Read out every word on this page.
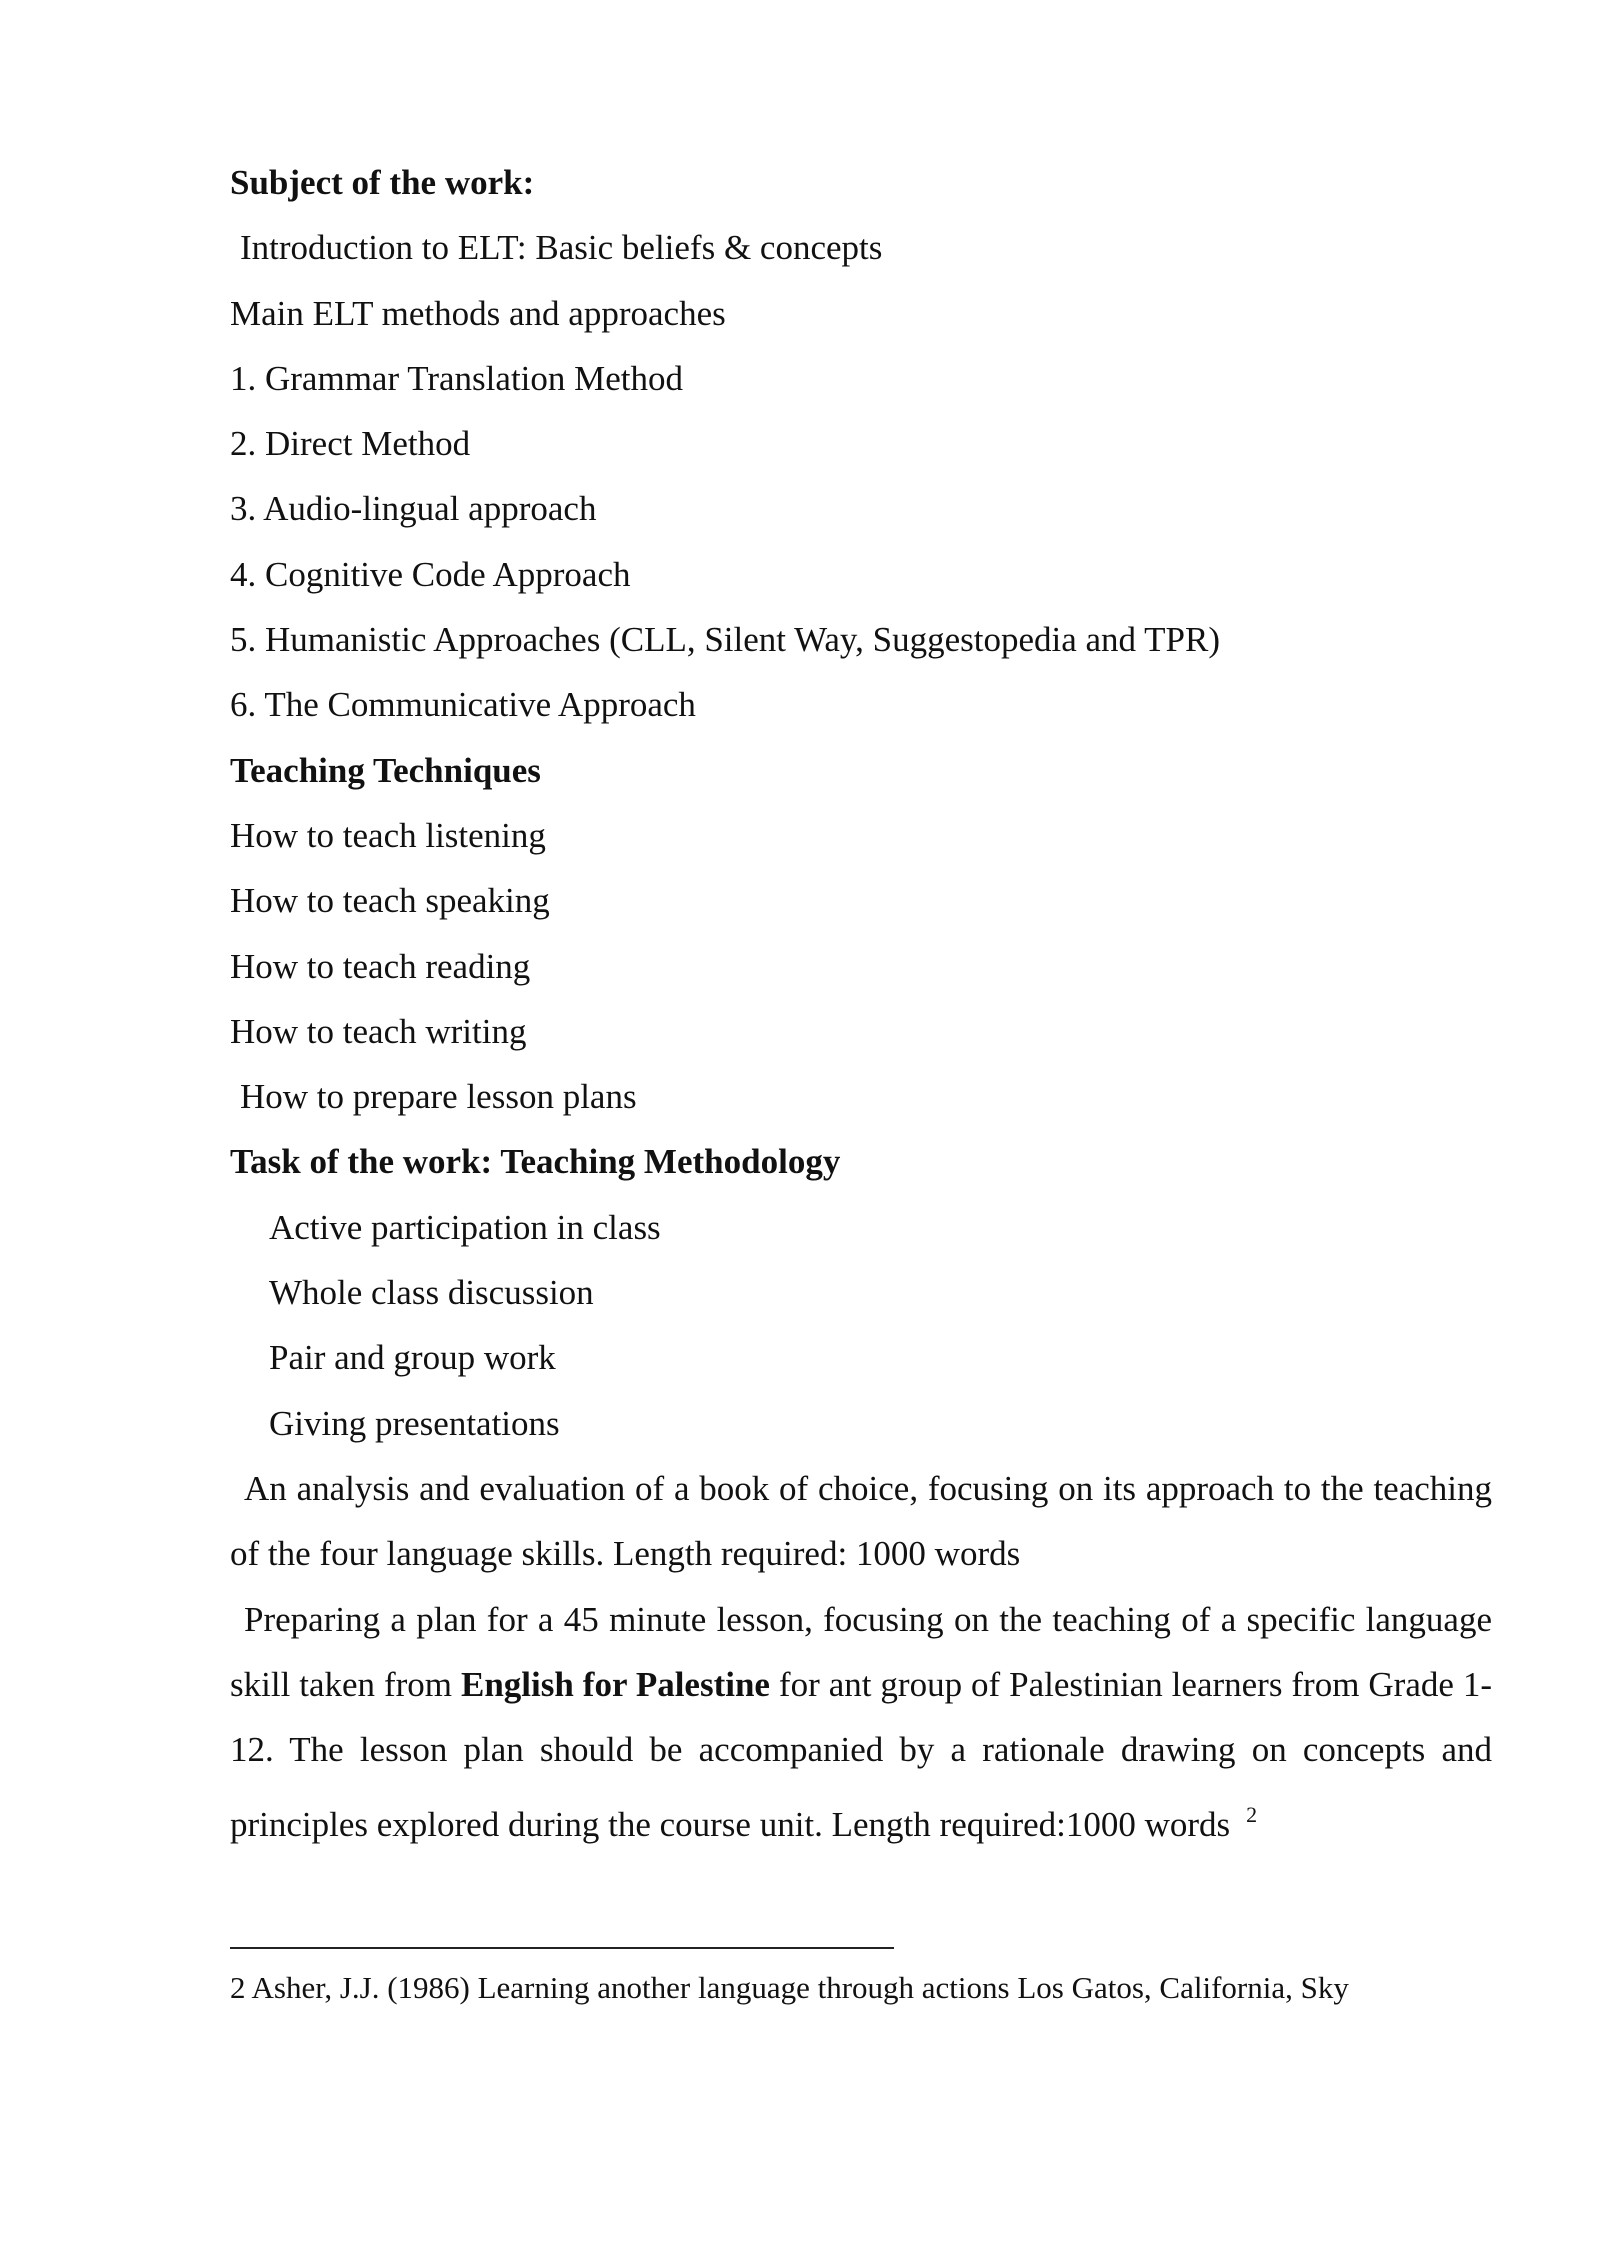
Subject of the work:
Introduction to ELT: Basic beliefs & concepts
Main ELT methods and approaches
1. Grammar Translation Method
2. Direct Method
3. Audio-lingual approach
4. Cognitive Code Approach
5. Humanistic Approaches (CLL, Silent Way, Suggestopedia and TPR)
6. The Communicative Approach
Teaching Techniques
How to teach listening
How to teach speaking
How to teach reading
How to teach writing
How to prepare lesson plans
Task of the work: Teaching Methodology
Active participation in class
Whole class discussion
Pair and group work
Giving presentations

An analysis and evaluation of a book of choice, focusing on its approach to the teaching of the four language skills. Length required: 1000 words

Preparing a plan for a 45 minute lesson, focusing on the teaching of a specific language skill taken from English for Palestine for ant group of Palestinian learners from Grade 1-12. The lesson plan should be accompanied by a rationale drawing on concepts and principles explored during the course unit. Length required:1000 words $^2$

2 Asher, J.J. (1986) Learning another language through actions Los Gatos, California, Sky
